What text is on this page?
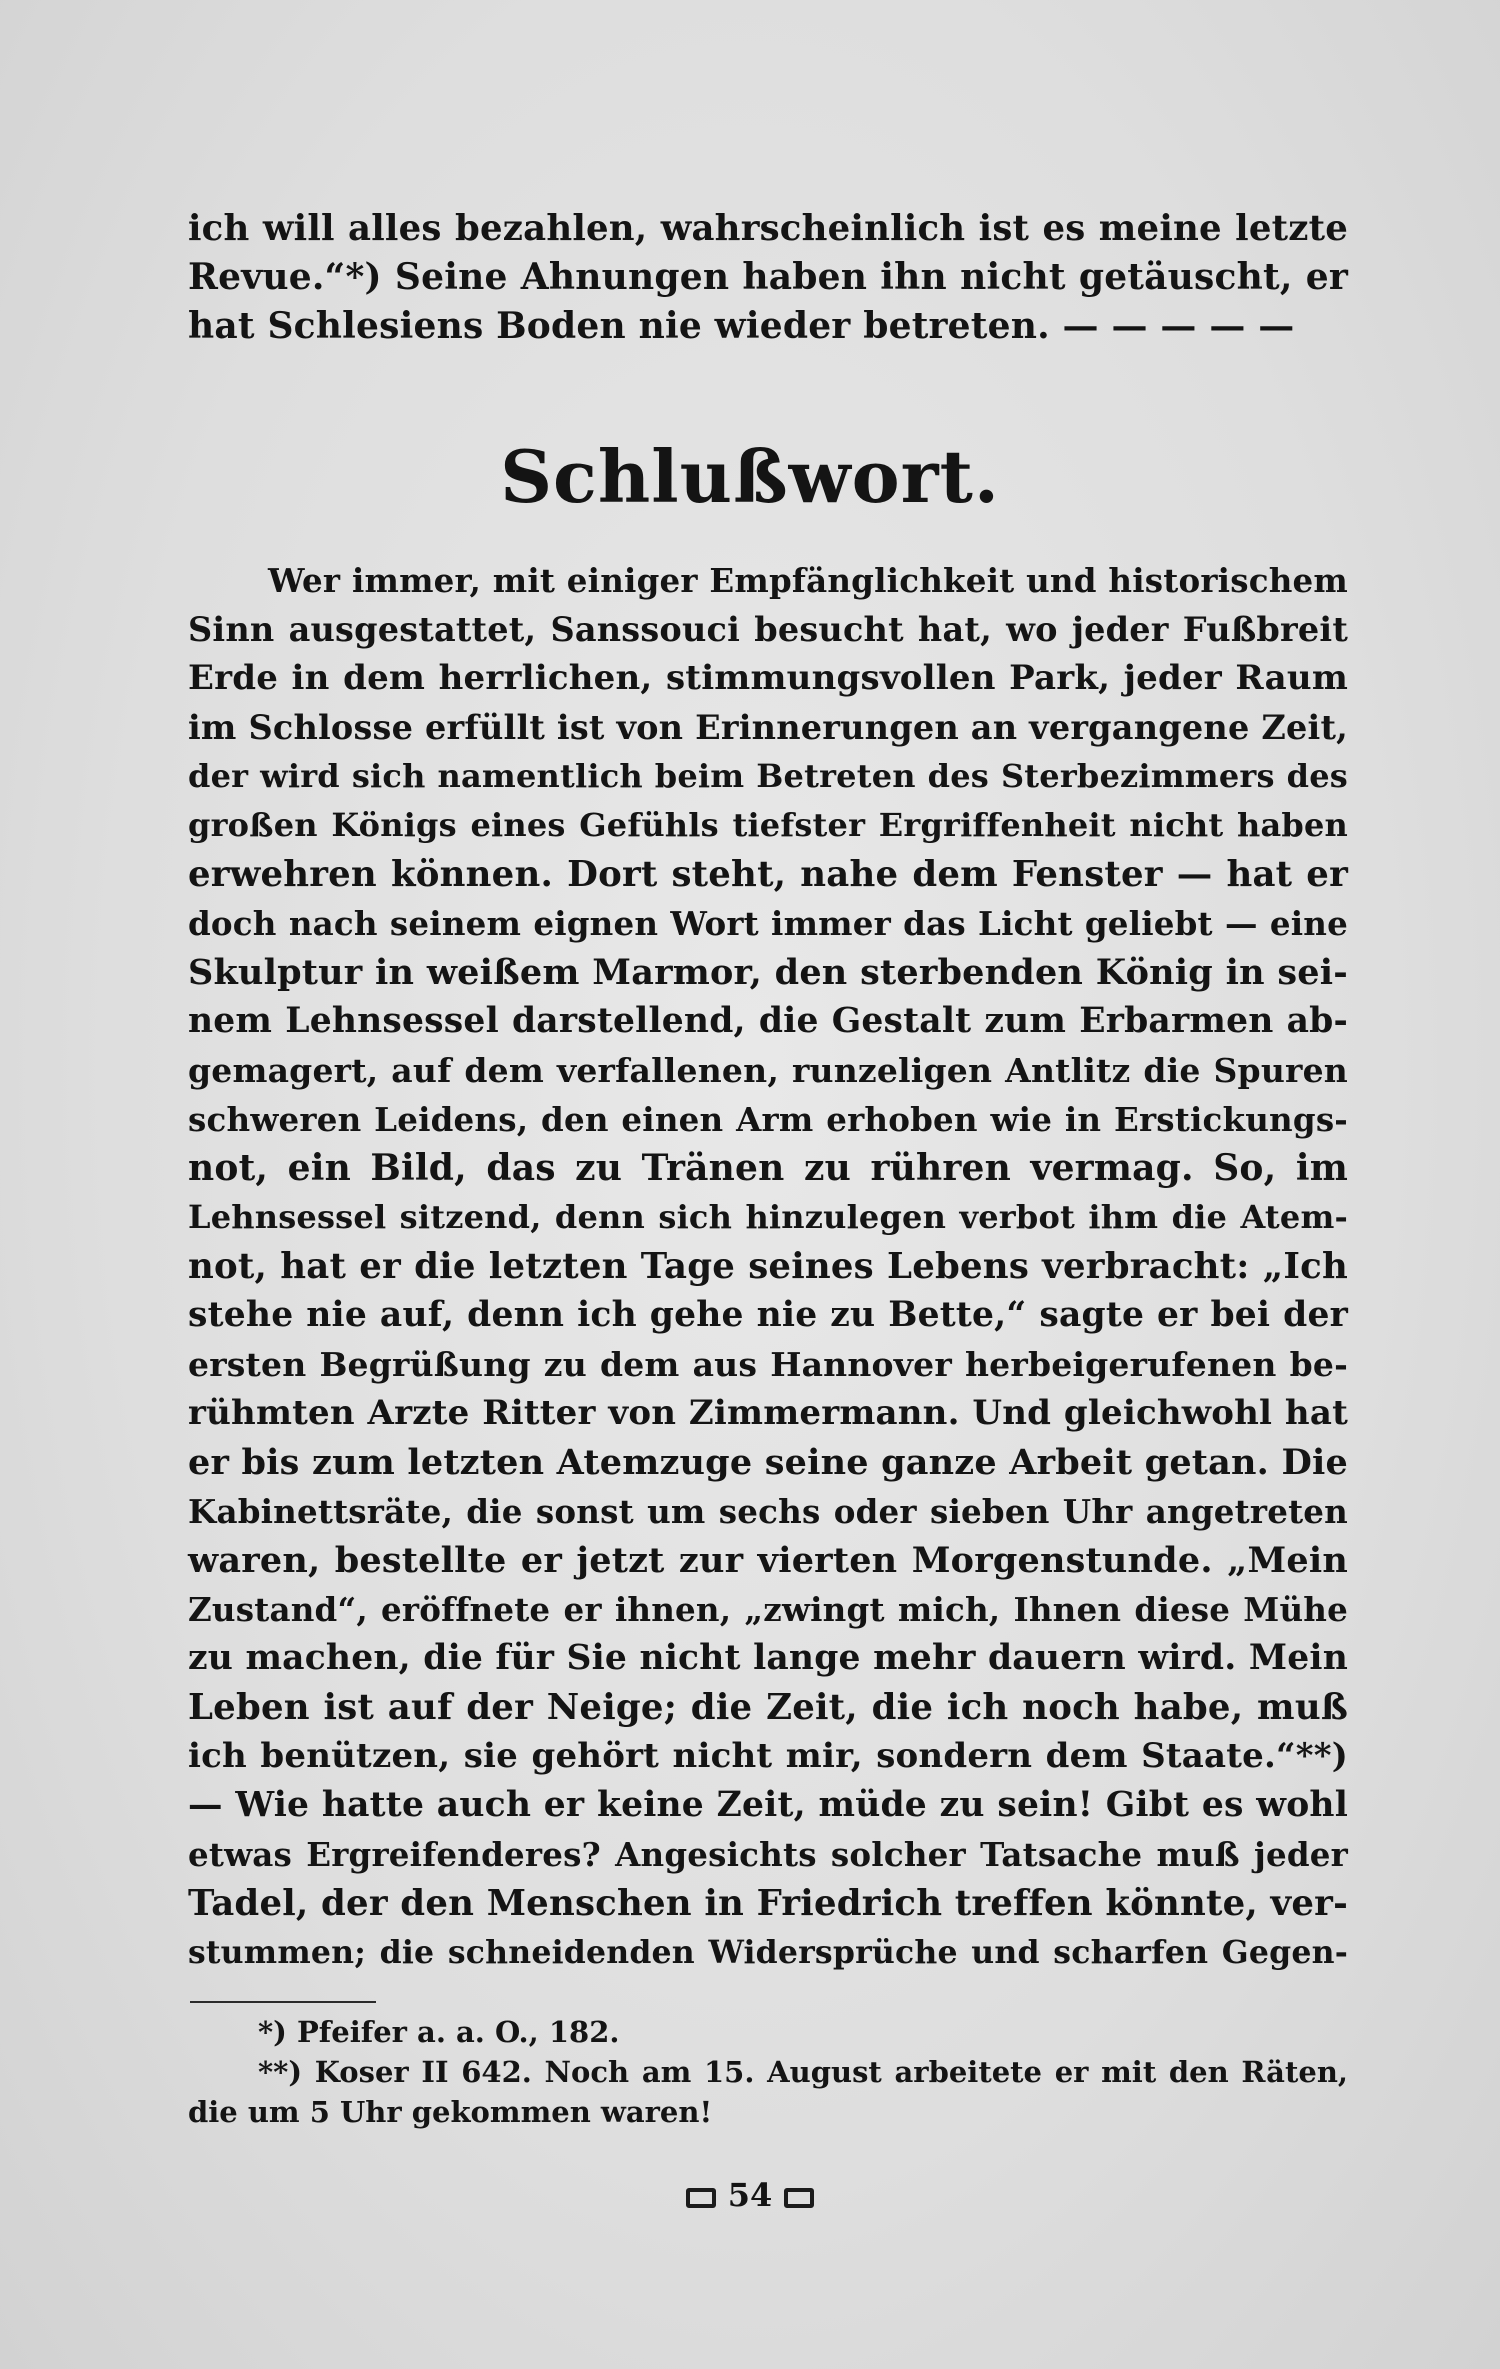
ich will alles bezahlen, wahrscheinlich ist es meine letzte
Revue.“*) Seine Ahnungen haben ihn nicht getäuscht, er
hat Schlesiens Boden nie wieder betreten. — — — — —
Schlußwort.
Wer immer, mit einiger Empfänglichkeit und historischem
Sinn ausgestattet, Sanssouci besucht hat, wo jeder Fußbreit
Erde in dem herrlichen, stimmungsvollen Park, jeder Raum
im Schlosse erfüllt ist von Erinnerungen an vergangene Zeit,
der wird sich namentlich beim Betreten des Sterbezimmers des
großen Königs eines Gefühls tiefster Ergriffenheit nicht haben
erwehren können. Dort steht, nahe dem Fenster — hat er
doch nach seinem eignen Wort immer das Licht geliebt — eine
Skulptur in weißem Marmor, den sterbenden König in sei-
nem Lehnsessel darstellend, die Gestalt zum Erbarmen ab-
gemagert, auf dem verfallenen, runzeligen Antlitz die Spuren
schweren Leidens, den einen Arm erhoben wie in Erstickungs-
not, ein Bild, das zu Tränen zu rühren vermag. So, im
Lehnsessel sitzend, denn sich hinzulegen verbot ihm die Atem-
not, hat er die letzten Tage seines Lebens verbracht: „Ich
stehe nie auf, denn ich gehe nie zu Bette,“ sagte er bei der
ersten Begrüßung zu dem aus Hannover herbeigerufenen be-
rühmten Arzte Ritter von Zimmermann. Und gleichwohl hat
er bis zum letzten Atemzuge seine ganze Arbeit getan. Die
Kabinettsräte, die sonst um sechs oder sieben Uhr angetreten
waren, bestellte er jetzt zur vierten Morgenstunde. „Mein
Zustand“, eröffnete er ihnen, „zwingt mich, Ihnen diese Mühe
zu machen, die für Sie nicht lange mehr dauern wird. Mein
Leben ist auf der Neige; die Zeit, die ich noch habe, muß
ich benützen, sie gehört nicht mir, sondern dem Staate.“**)
— Wie hatte auch er keine Zeit, müde zu sein! Gibt es wohl
etwas Ergreifenderes? Angesichts solcher Tatsache muß jeder
Tadel, der den Menschen in Friedrich treffen könnte, ver-
stummen; die schneidenden Widersprüche und scharfen Gegen-
*) Pfeifer a. a. O., 182.
**) Koser II 642. Noch am 15. August arbeitete er mit den Räten,
die um 5 Uhr gekommen waren!
54
